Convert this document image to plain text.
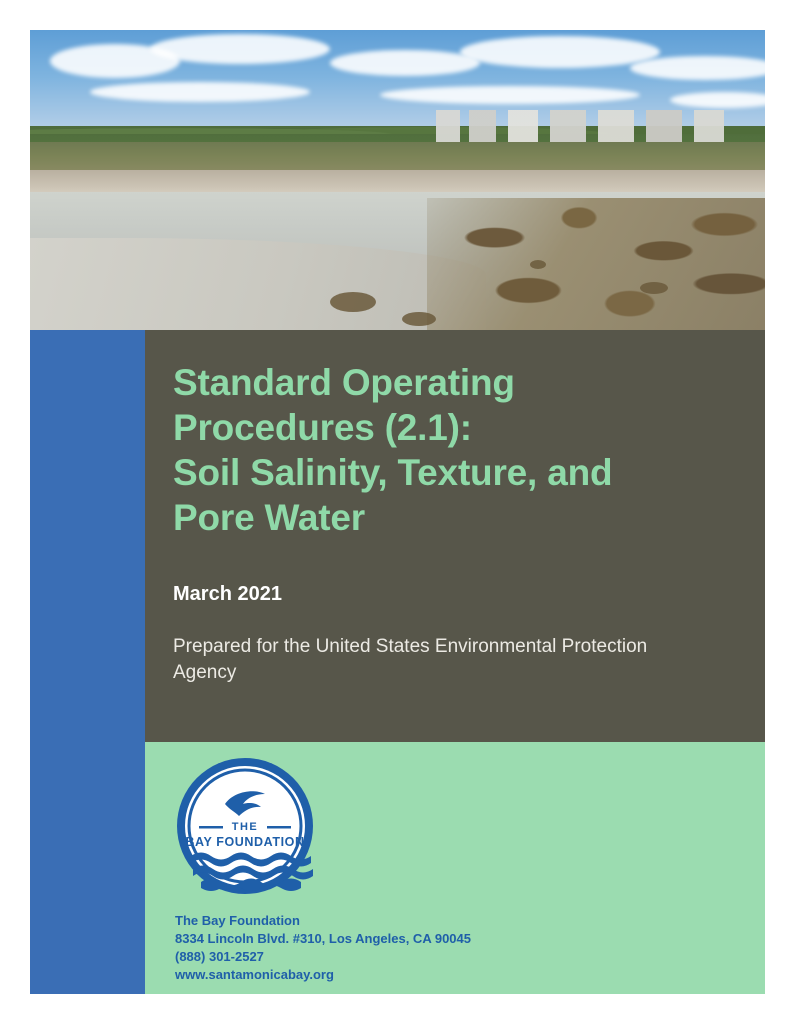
Standard Operating
Procedures (2.1):
Soil Salinity, Texture, and
Pore Water

March 2021

Prepared for the United States Environmental Protection Agency

THE
BAY FOUNDATION
The Bay Foundation
8334 Lincoln Blvd. #310, Los Angeles, CA 90045
(888) 301-2527
www.santamonicabay.org
